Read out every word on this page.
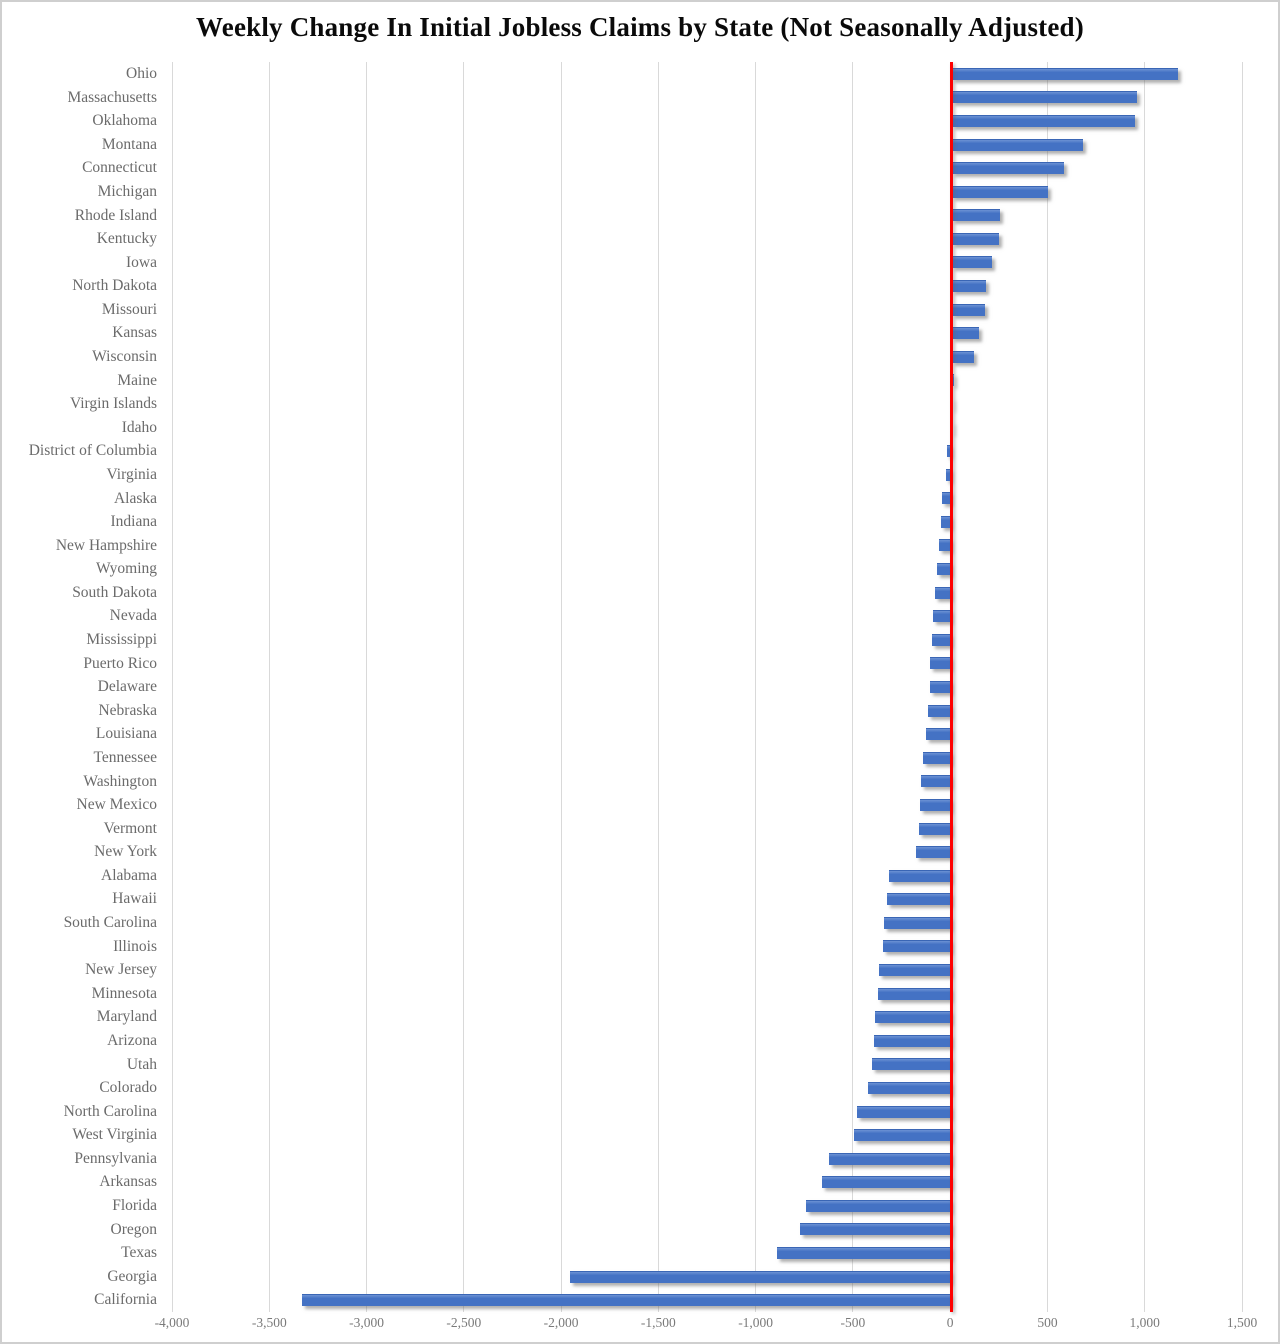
Weekly Change In Initial Jobless Claims by State (Not Seasonally Adjusted)
Ohio
Massachusetts
Oklahoma
Montana
Connecticut
Michigan
Rhode Island
Kentucky
Iowa
North Dakota
Missouri
Kansas
Wisconsin
Maine
Virgin Islands
Idaho
District of Columbia
Virginia
Alaska
Indiana
New Hampshire
Wyoming
South Dakota
Nevada
Mississippi
Puerto Rico
Delaware
Nebraska
Louisiana
Tennessee
Washington
New Mexico
Vermont
New York
Alabama
Hawaii
South Carolina
Illinois
New Jersey
Minnesota
Maryland
Arizona
Utah
Colorado
North Carolina
West Virginia
Pennsylvania
Arkansas
Florida
Oregon
Texas
Georgia
California
-4,000	-3,500	-3,000	-2,500	-2,000	-1,500	-1,000	-500	0	500	1,000	1,500
